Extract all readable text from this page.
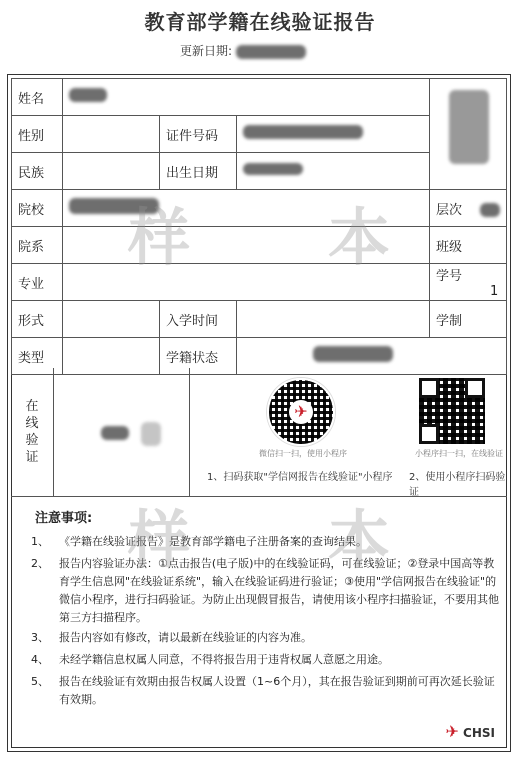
教育部学籍在线验证报告
更新日期:
姓名				
性别		证件号码		
民族		出生日期		
院校				层次
院系				班级
专业				学号 1
形式		入学时间		学制
类型		学籍状态		
在
线
验
证
✈
微信扫一扫，使用小程序	小程序扫一扫，在线验证
1、扫码获取"学信网报告在线验证"小程序 2、使用小程序扫码验证
注意事项:
1、 《学籍在线验证报告》是教育部学籍电子注册备案的查询结果。
2、 报告内容验证办法：①点击报告(电子版)中的在线验证码，可在线验证；②登录中国高等教育学生信息网"在线验证系统"，输入在线验证码进行验证；③使用"学信网报告在线验证"的微信小程序，进行扫码验证。为防止出现假冒报告，请使用该小程序扫描验证，不要用其他第三方扫描程序。
3、 报告内容如有修改，请以最新在线验证的内容为准。
4、 未经学籍信息权属人同意，不得将报告用于违背权属人意愿之用途。
5、 报告在线验证有效期由报告权属人设置（1~6个月），其在报告验证到期前可再次延长验证有效期。
✈ CHSI
样 本
样 本
